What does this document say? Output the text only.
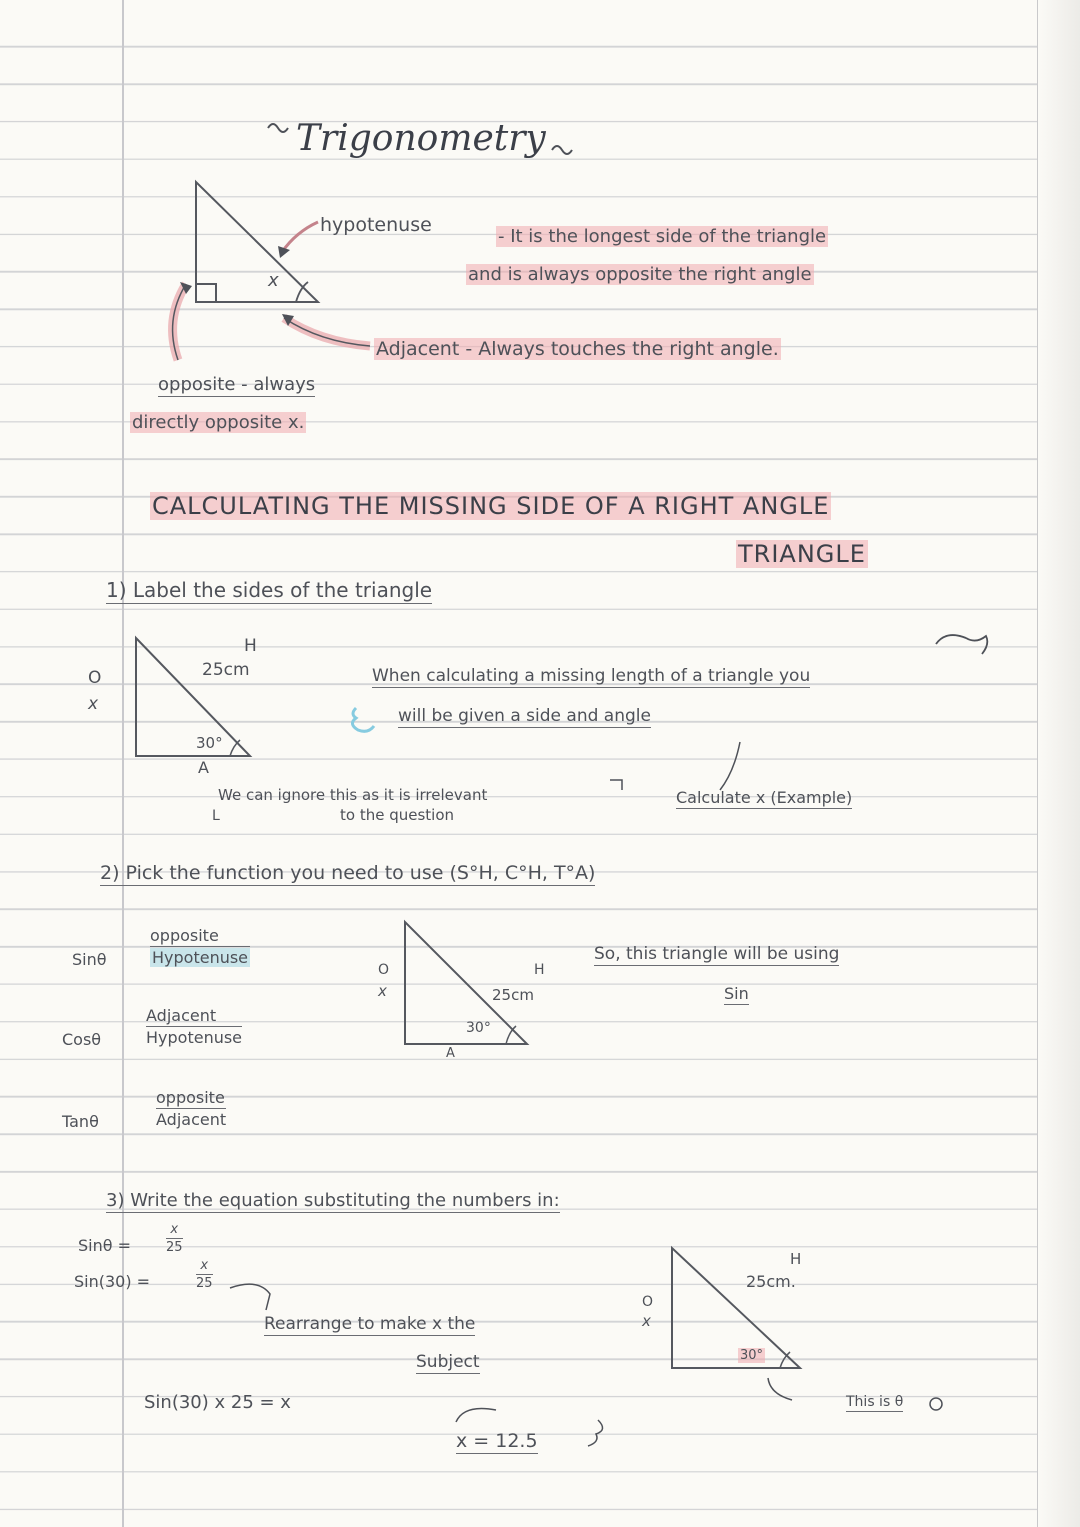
Trigonometry
x
hypotenuse
- It is the longest side of the triangle
and is always opposite the right angle
Adjacent - Always touches the right angle.
opposite - always
directly opposite x.
CALCULATING THE MISSING SIDE OF A RIGHT ANGLE
TRIANGLE
1) Label the sides of the triangle
H
25cm
30°
O
x
A
L
When calculating a missing length of a triangle you
will be given a side and angle
We can ignore this as it is irrelevant
to the question
Calculate x (Example)
2) Pick the function you need to use (S°H, C°H, T°A)
Sinθ
opposite
Hypotenuse
Cosθ
Adjacent
Hypotenuse
Tanθ
opposite
Adjacent
O
x
H
25cm
30°
A
So, this triangle will be using
Sin
3) Write the equation substituting the numbers in:
Sinθ =	$\frac{x}{25}$
Sin(30) =	$\frac{x}{25}$
Rearrange to make x the
Subject
Sin(30) x 25 = x
x = 12.5
O
x
H
25cm.
30°
This is θ
